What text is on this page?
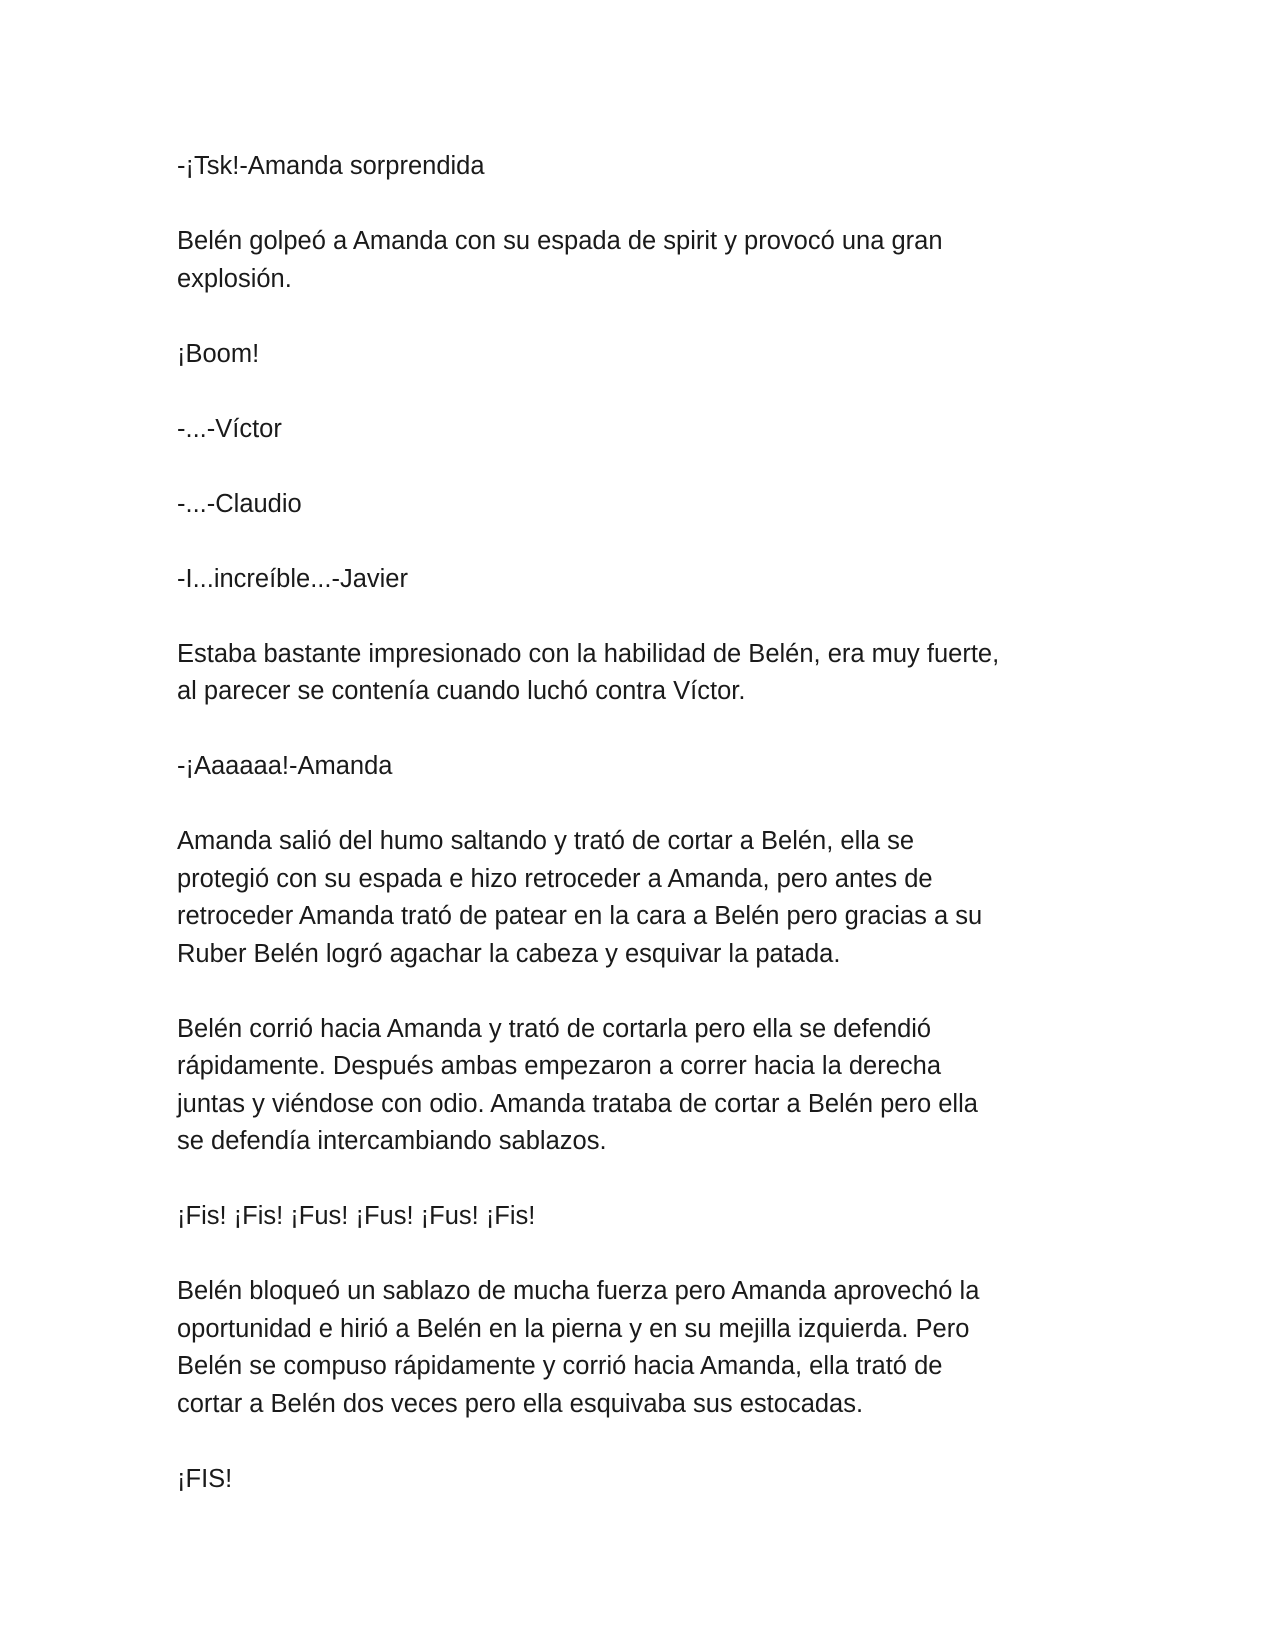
-¡Tsk!-Amanda sorprendida

Belén golpeó a Amanda con su espada de spirit y provocó una gran
explosión.

¡Boom!

-...-Víctor

-...-Claudio

-I...increíble...-Javier

Estaba bastante impresionado con la habilidad de Belén, era muy fuerte,
al parecer se contenía cuando luchó contra Víctor.

-¡Aaaaaa!-Amanda

Amanda salió del humo saltando y trató de cortar a Belén, ella se
protegió con su espada e hizo retroceder a Amanda, pero antes de
retroceder Amanda trató de patear en la cara a Belén pero gracias a su
Ruber Belén logró agachar la cabeza y esquivar la patada.

Belén corrió hacia Amanda y trató de cortarla pero ella se defendió
rápidamente. Después ambas empezaron a correr hacia la derecha
juntas y viéndose con odio. Amanda trataba de cortar a Belén pero ella
se defendía intercambiando sablazos.

¡Fis! ¡Fis! ¡Fus! ¡Fus! ¡Fus! ¡Fis!

Belén bloqueó un sablazo de mucha fuerza pero Amanda aprovechó la
oportunidad e hirió a Belén en la pierna y en su mejilla izquierda. Pero
Belén se compuso rápidamente y corrió hacia Amanda, ella trató de
cortar a Belén dos veces pero ella esquivaba sus estocadas.

¡FIS!
